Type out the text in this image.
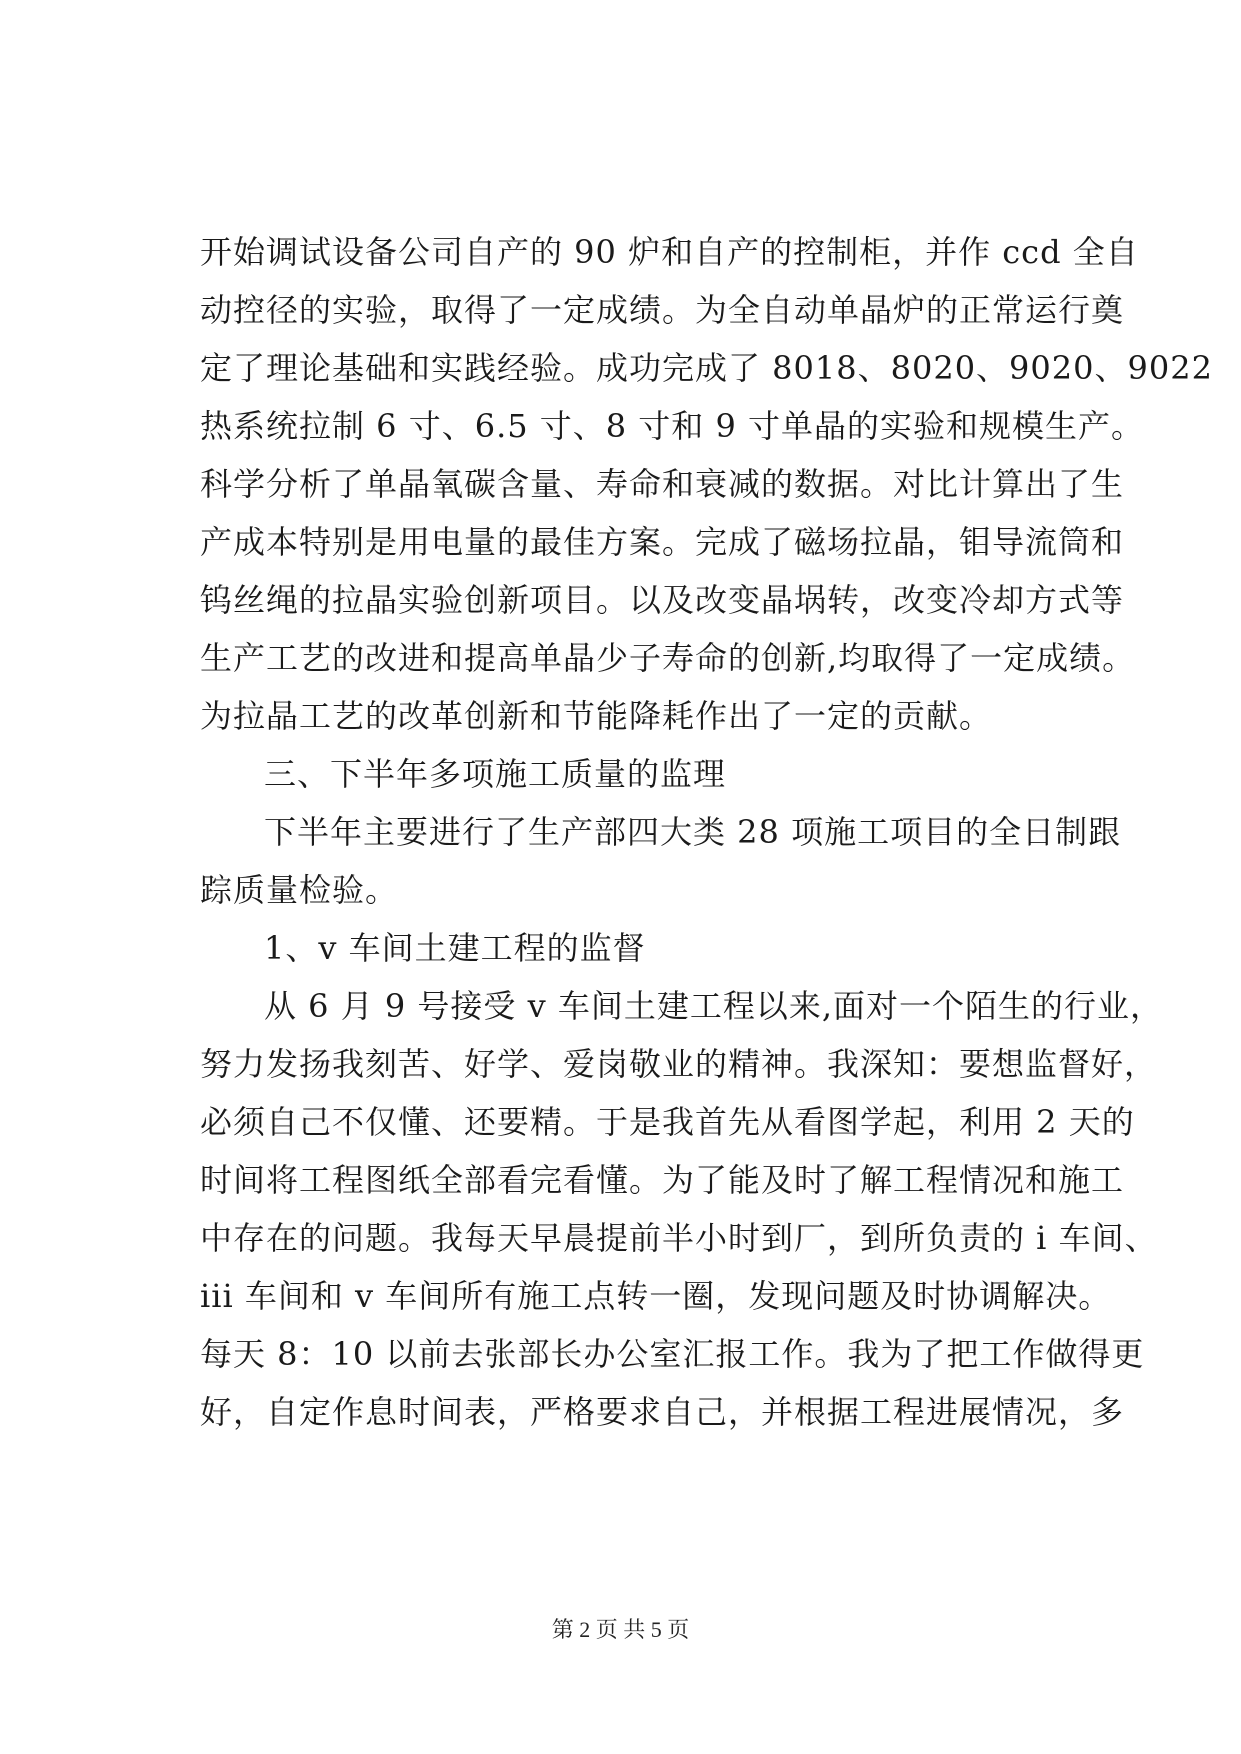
开始调试设备公司自产的 90 炉和自产的控制柜，并作 ccd 全自
动控径的实验，取得了一定成绩。为全自动单晶炉的正常运行奠
定了理论基础和实践经验。成功完成了 8018、8020、9020、9022
热系统拉制 6 寸、6.5 寸、8 寸和 9 寸单晶的实验和规模生产。
科学分析了单晶氧碳含量、寿命和衰减的数据。对比计算出了生
产成本特别是用电量的最佳方案。完成了磁场拉晶，钼导流筒和
钨丝绳的拉晶实验创新项目。以及改变晶埚转，改变冷却方式等
生产工艺的改进和提高单晶少子寿命的创新,均取得了一定成绩。
为拉晶工艺的改革创新和节能降耗作出了一定的贡献。
三、下半年多项施工质量的监理
下半年主要进行了生产部四大类 28 项施工项目的全日制跟
踪质量检验。
1、v 车间土建工程的监督
从 6 月 9 号接受 v 车间土建工程以来,面对一个陌生的行业，
努力发扬我刻苦、好学、爱岗敬业的精神。我深知：要想监督好，
必须自己不仅懂、还要精。于是我首先从看图学起，利用 2 天的
时间将工程图纸全部看完看懂。为了能及时了解工程情况和施工
中存在的问题。我每天早晨提前半小时到厂，到所负责的 i 车间、
iii 车间和 v 车间所有施工点转一圈，发现问题及时协调解决。
每天 8：10 以前去张部长办公室汇报工作。我为了把工作做得更
好，自定作息时间表，严格要求自己，并根据工程进展情况，多
第 2 页 共 5 页
